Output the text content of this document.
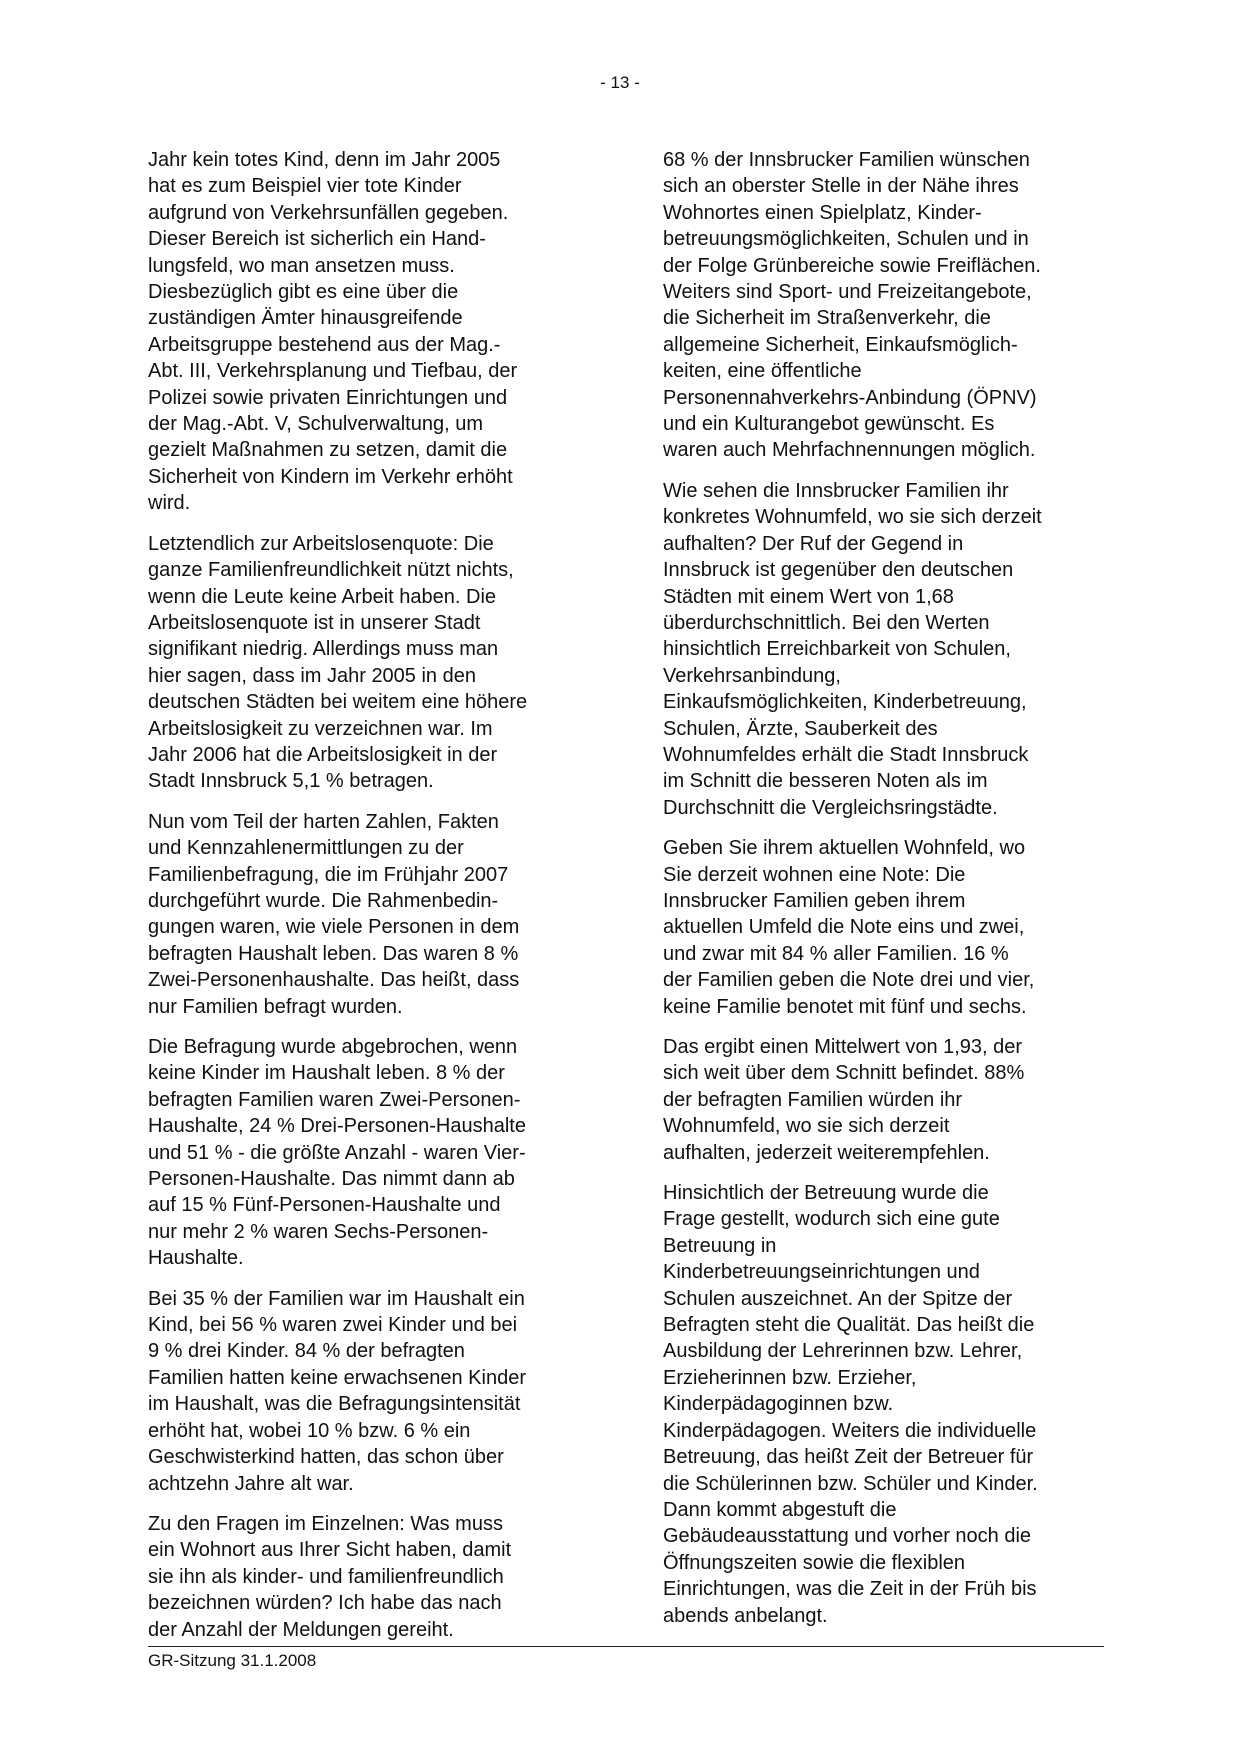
- 13 -

Jahr kein totes Kind, denn im Jahr 2005
hat es zum Beispiel vier tote Kinder
aufgrund von Verkehrsunfällen gegeben.
Dieser Bereich ist sicherlich ein Hand-
lungsfeld, wo man ansetzen muss.
Diesbezüglich gibt es eine über die
zuständigen Ämter hinausgreifende
Arbeitsgruppe bestehend aus der Mag.-
Abt. III, Verkehrsplanung und Tiefbau, der
Polizei sowie privaten Einrichtungen und
der Mag.-Abt. V, Schulverwaltung, um
gezielt Maßnahmen zu setzen, damit die
Sicherheit von Kindern im Verkehr erhöht
wird.

Letztendlich zur Arbeitslosenquote: Die
ganze Familienfreundlichkeit nützt nichts,
wenn die Leute keine Arbeit haben. Die
Arbeitslosenquote ist in unserer Stadt
signifikant niedrig. Allerdings muss man
hier sagen, dass im Jahr 2005 in den
deutschen Städten bei weitem eine höhere
Arbeitslosigkeit zu verzeichnen war. Im
Jahr 2006 hat die Arbeitslosigkeit in der
Stadt Innsbruck 5,1 % betragen.

Nun vom Teil der harten Zahlen, Fakten
und Kennzahlenermittlungen zu der
Familienbefragung, die im Frühjahr 2007
durchgeführt wurde. Die Rahmenbedin-
gungen waren, wie viele Personen in dem
befragten Haushalt leben. Das waren 8 %
Zwei-Personenhaushalte. Das heißt, dass
nur Familien befragt wurden.

Die Befragung wurde abgebrochen, wenn
keine Kinder im Haushalt leben. 8 % der
befragten Familien waren Zwei-Personen-
Haushalte, 24 % Drei-Personen-Haushalte
und 51 % - die größte Anzahl - waren Vier-
Personen-Haushalte. Das nimmt dann ab
auf 15 % Fünf-Personen-Haushalte und
nur mehr 2 % waren Sechs-Personen-
Haushalte.

Bei 35 % der Familien war im Haushalt ein
Kind, bei 56 % waren zwei Kinder und bei
9 % drei Kinder. 84 % der befragten
Familien hatten keine erwachsenen Kinder
im Haushalt, was die Befragungsintensität
erhöht hat, wobei 10 % bzw. 6 % ein
Geschwisterkind hatten, das schon über
achtzehn Jahre alt war.

Zu den Fragen im Einzelnen: Was muss
ein Wohnort aus Ihrer Sicht haben, damit
sie ihn als kinder- und familienfreundlich
bezeichnen würden? Ich habe das nach
der Anzahl der Meldungen gereiht.

68 % der Innsbrucker Familien wünschen
sich an oberster Stelle in der Nähe ihres
Wohnortes einen Spielplatz, Kinder-
betreuungsmöglichkeiten, Schulen und in
der Folge Grünbereiche sowie Freiflächen.
Weiters sind Sport- und Freizeitangebote,
die Sicherheit im Straßenverkehr, die
allgemeine Sicherheit, Einkaufsmöglich-
keiten, eine öffentliche
Personennahverkehrs-Anbindung (ÖPNV)
und ein Kulturangebot gewünscht. Es
waren auch Mehrfachnennungen möglich.

Wie sehen die Innsbrucker Familien ihr
konkretes Wohnumfeld, wo sie sich derzeit
aufhalten? Der Ruf der Gegend in
Innsbruck ist gegenüber den deutschen
Städten mit einem Wert von 1,68
überdurchschnittlich. Bei den Werten
hinsichtlich Erreichbarkeit von Schulen,
Verkehrsanbindung,
Einkaufsmöglichkeiten, Kinderbetreuung,
Schulen, Ärzte, Sauberkeit des
Wohnumfeldes erhält die Stadt Innsbruck
im Schnitt die besseren Noten als im
Durchschnitt die Vergleichsringstädte.

Geben Sie ihrem aktuellen Wohnfeld, wo
Sie derzeit wohnen eine Note: Die
Innsbrucker Familien geben ihrem
aktuellen Umfeld die Note eins und zwei,
und zwar mit 84 % aller Familien. 16 %
der Familien geben die Note drei und vier,
keine Familie benotet mit fünf und sechs.

Das ergibt einen Mittelwert von 1,93, der
sich weit über dem Schnitt befindet. 88%
der befragten Familien würden ihr
Wohnumfeld, wo sie sich derzeit
aufhalten, jederzeit weiterempfehlen.

Hinsichtlich der Betreuung wurde die
Frage gestellt, wodurch sich eine gute
Betreuung in
Kinderbetreuungseinrichtungen und
Schulen auszeichnet. An der Spitze der
Befragten steht die Qualität. Das heißt die
Ausbildung der Lehrerinnen bzw. Lehrer,
Erzieherinnen bzw. Erzieher,
Kinderpädagoginnen bzw.
Kinderpädagogen. Weiters die individuelle
Betreuung, das heißt Zeit der Betreuer für
die Schülerinnen bzw. Schüler und Kinder.
Dann kommt abgestuft die
Gebäudeausstattung und vorher noch die
Öffnungszeiten sowie die flexiblen
Einrichtungen, was die Zeit in der Früh bis
abends anbelangt.

GR-Sitzung 31.1.2008
